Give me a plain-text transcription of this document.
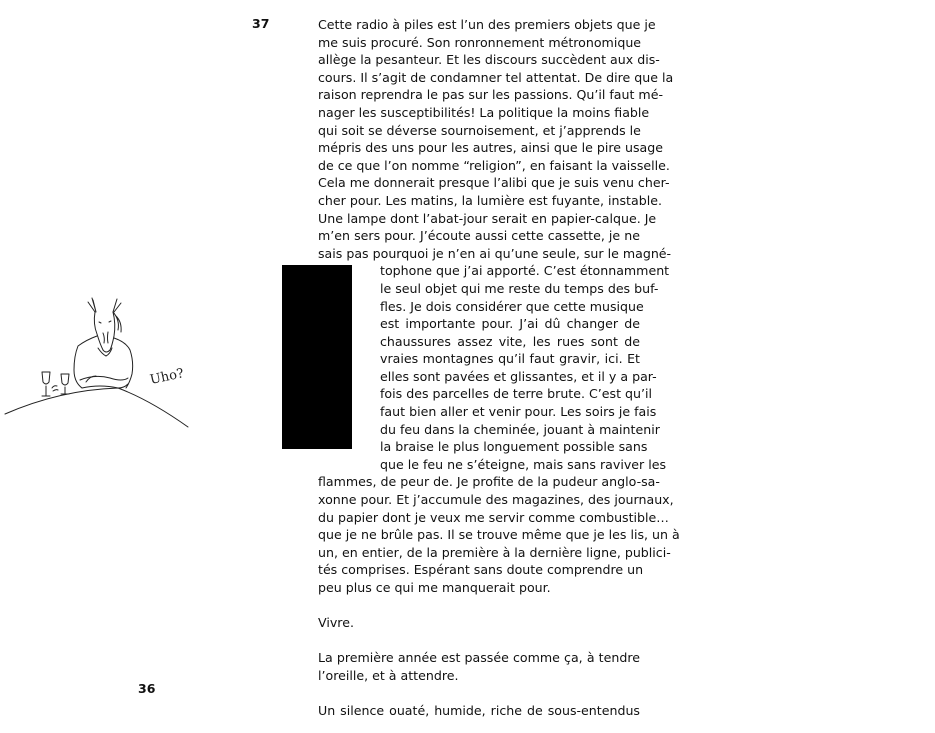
37
36
Uho?
Cette radio à piles est l’un des premiers objets que je
me suis procuré. Son ronronnement métronomique
allège la pesanteur. Et les discours succèdent aux dis-
cours. Il s’agit de condamner tel attentat. De dire que la
raison reprendra le pas sur les passions. Qu’il faut mé-
nager les susceptibilités! La politique la moins fiable
qui soit se déverse sournoisement, et j’apprends le
mépris des uns pour les autres, ainsi que le pire usage
de ce que l’on nomme “religion”, en faisant la vaisselle.
Cela me donnerait presque l’alibi que je suis venu cher-
cher pour. Les matins, la lumière est fuyante, instable.
Une lampe dont l’abat-jour serait en papier-calque. Je
m’en sers pour. J’écoute aussi cette cassette, je ne
sais pas pourquoi je n’en ai qu’une seule, sur le magné-
tophone que j’ai apporté. C’est étonnamment
le seul objet qui me reste du temps des buf-
fles. Je dois considérer que cette musique
est importante pour. J’ai dû changer de
chaussures assez vite, les rues sont de
vraies montagnes qu’il faut gravir, ici. Et
elles sont pavées et glissantes, et il y a par-
fois des parcelles de terre brute. C’est qu’il
faut bien aller et venir pour. Les soirs je fais
du feu dans la cheminée, jouant à maintenir
la braise le plus longuement possible sans
que le feu ne s’éteigne, mais sans raviver les
flammes, de peur de. Je profite de la pudeur anglo-sa-
xonne pour. Et j’accumule des magazines, des journaux,
du papier dont je veux me servir comme combustible…
que je ne brûle pas. Il se trouve même que je les lis, un à
un, en entier, de la première à la dernière ligne, publici-
tés comprises. Espérant sans doute comprendre un
peu plus ce qui me manquerait pour.
Vivre.
La première année est passée comme ça, à tendre
l’oreille, et à attendre.
Un silence ouaté, humide, riche de sous-entendus
